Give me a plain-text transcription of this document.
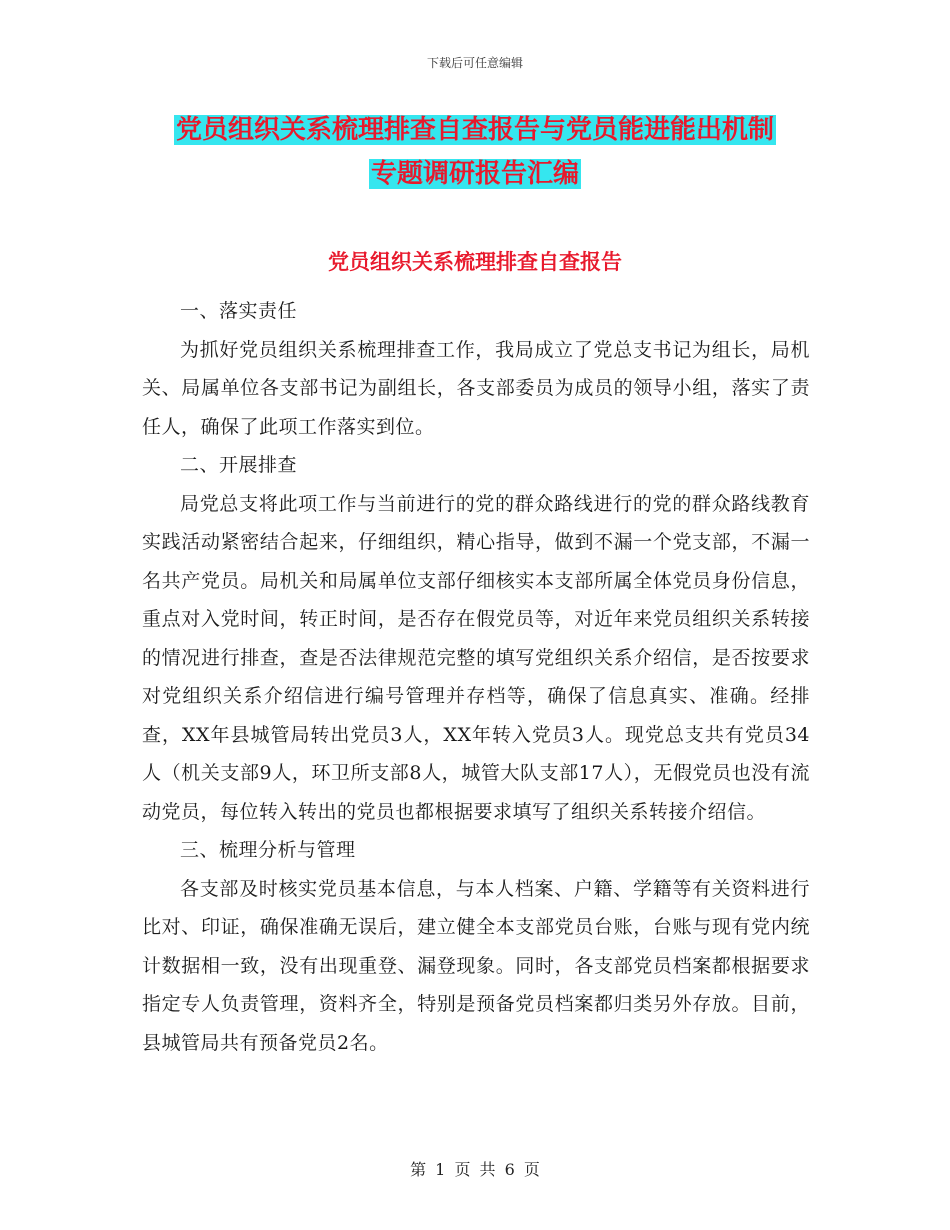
下载后可任意编辑
党员组织关系梳理排查自查报告与党员能进能出机制
专题调研报告汇编
党员组织关系梳理排查自查报告

一、落实责任

为抓好党员组织关系梳理排查工作，我局成立了党总支书记为组长，局机关、局属单位各支部书记为副组长，各支部委员为成员的领导小组，落实了责任人，确保了此项工作落实到位。

二、开展排查

局党总支将此项工作与当前进行的党的群众路线进行的党的群众路线教育实践活动紧密结合起来，仔细组织，精心指导，做到不漏一个党支部，不漏一名共产党员。局机关和局属单位支部仔细核实本支部所属全体党员身份信息，重点对入党时间，转正时间，是否存在假党员等，对近年来党员组织关系转接的情况进行排查，查是否法律规范完整的填写党组织关系介绍信，是否按要求对党组织关系介绍信进行编号管理并存档等，确保了信息真实、准确。经排查，XX年县城管局转出党员3人，XX年转入党员3人。现党总支共有党员34人（机关支部9人，环卫所支部8人，城管大队支部17人），无假党员也没有流动党员，每位转入转出的党员也都根据要求填写了组织关系转接介绍信。

三、梳理分析与管理

各支部及时核实党员基本信息，与本人档案、户籍、学籍等有关资料进行比对、印证，确保准确无误后，建立健全本支部党员台账，台账与现有党内统计数据相一致，没有出现重登、漏登现象。同时，各支部党员档案都根据要求指定专人负责管理，资料齐全，特别是预备党员档案都归类另外存放。目前，县城管局共有预备党员2名。

第 1 页 共 6 页
